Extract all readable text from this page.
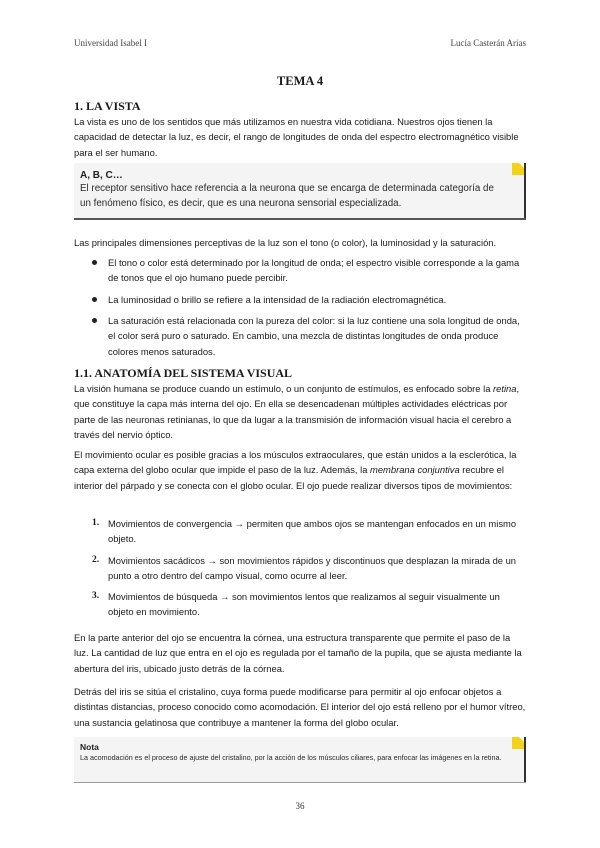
Universidad Isabel I	Lucía Casterán Arias
TEMA 4
1. LA VISTA
La vista es uno de los sentidos que más utilizamos en nuestra vida cotidiana. Nuestros ojos tienen la capacidad de detectar la luz, es decir, el rango de longitudes de onda del espectro electromagnético visible para el ser humano.
A, B, C…
El receptor sensitivo hace referencia a la neurona que se encarga de determinada categoría de un fenómeno físico, es decir, que es una neurona sensorial especializada.
Las principales dimensiones perceptivas de la luz son el tono (o color), la luminosidad y la saturación.
El tono o color está determinado por la longitud de onda; el espectro visible corresponde a la gama de tonos que el ojo humano puede percibir.
La luminosidad o brillo se refiere a la intensidad de la radiación electromagnética.
La saturación está relacionada con la pureza del color: si la luz contiene una sola longitud de onda, el color será puro o saturado. En cambio, una mezcla de distintas longitudes de onda produce colores menos saturados.
1.1. ANATOMÍA DEL SISTEMA VISUAL
La visión humana se produce cuando un estímulo, o un conjunto de estímulos, es enfocado sobre la retina, que constituye la capa más interna del ojo. En ella se desencadenan múltiples actividades eléctricas por parte de las neuronas retinianas, lo que da lugar a la transmisión de información visual hacia el cerebro a través del nervio óptico.
El movimiento ocular es posible gracias a los músculos extraoculares, que están unidos a la esclerótica, la capa externa del globo ocular que impide el paso de la luz. Además, la membrana conjuntiva recubre el interior del párpado y se conecta con el globo ocular. El ojo puede realizar diversos tipos de movimientos:
1. Movimientos de convergencia → permiten que ambos ojos se mantengan enfocados en un mismo objeto.
2. Movimientos sacádicos → son movimientos rápidos y discontinuos que desplazan la mirada de un punto a otro dentro del campo visual, como ocurre al leer.
3. Movimientos de búsqueda → son movimientos lentos que realizamos al seguir visualmente un objeto en movimiento.
En la parte anterior del ojo se encuentra la córnea, una estructura transparente que permite el paso de la luz. La cantidad de luz que entra en el ojo es regulada por el tamaño de la pupila, que se ajusta mediante la abertura del iris, ubicado justo detrás de la córnea.
Detrás del iris se sitúa el cristalino, cuya forma puede modificarse para permitir al ojo enfocar objetos a distintas distancias, proceso conocido como acomodación. El interior del ojo está relleno por el humor vítreo, una sustancia gelatinosa que contribuye a mantener la forma del globo ocular.
Nota
La acomodación es el proceso de ajuste del cristalino, por la acción de los músculos ciliares, para enfocar las imágenes en la retina.
36
